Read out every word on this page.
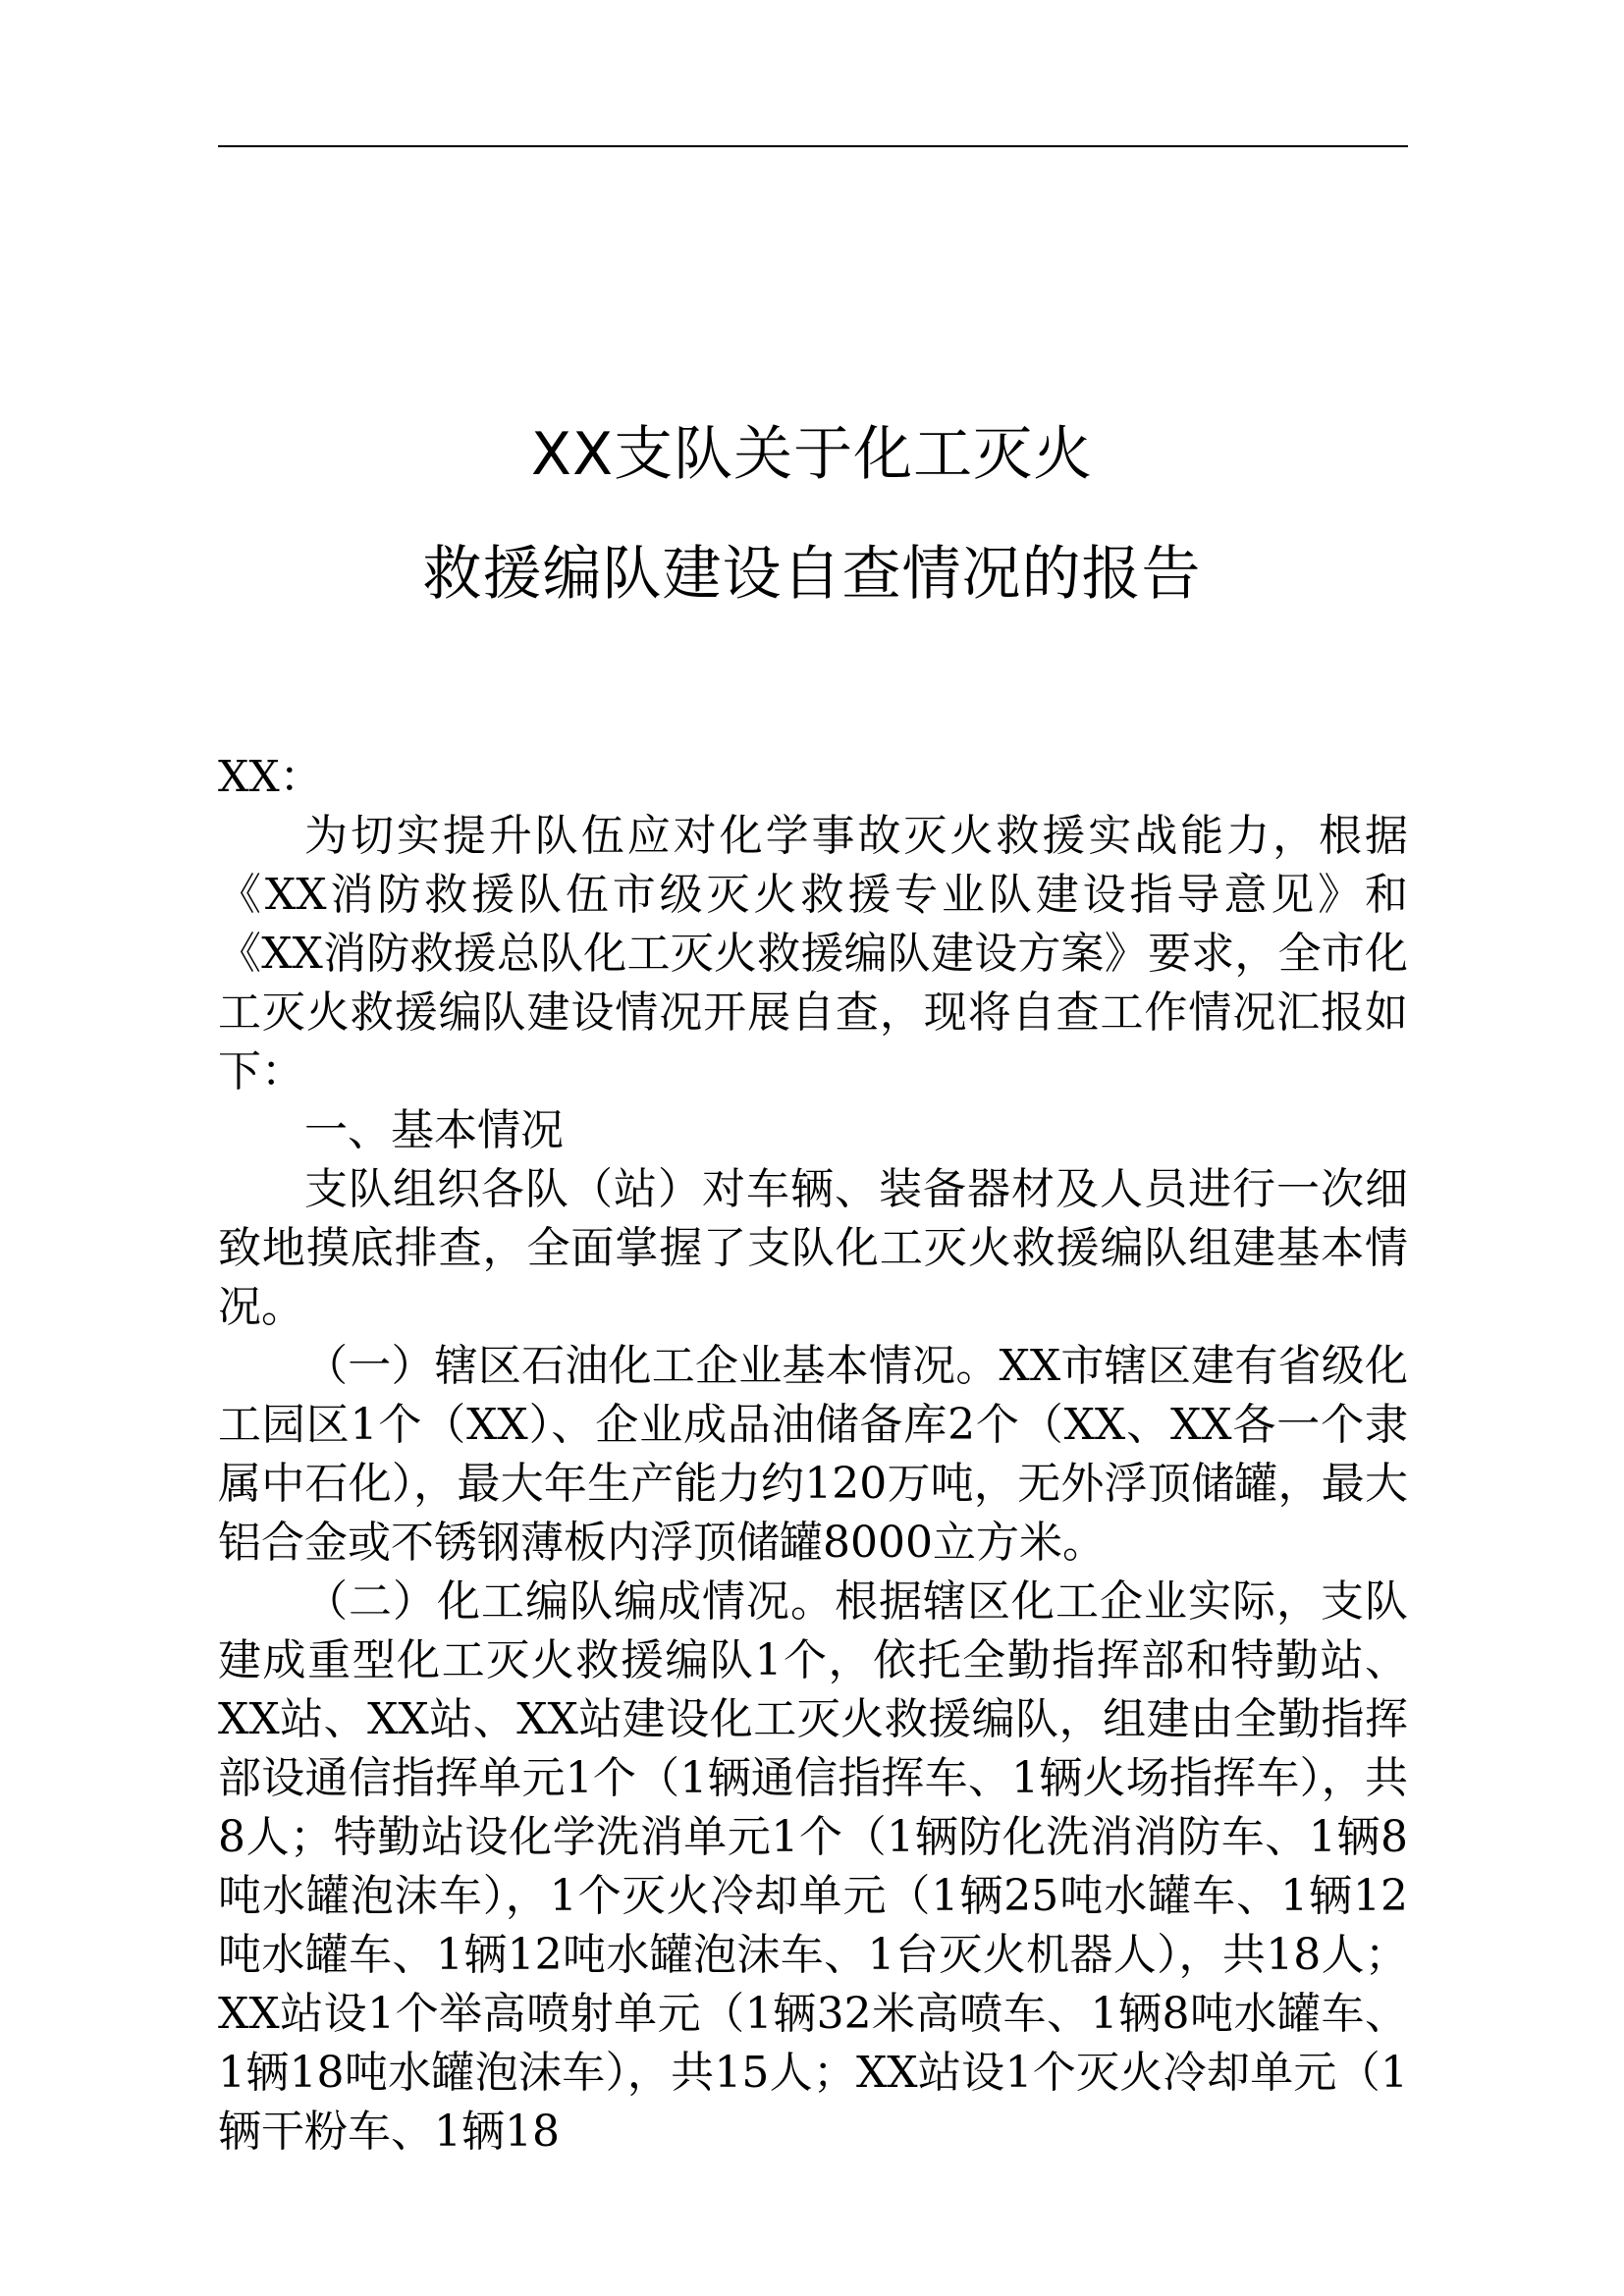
XX支队关于化工灭火
救援编队建设自查情况的报告

XX：

为切实提升队伍应对化学事故灭火救援实战能力，根据《XX消防救援队伍市级灭火救援专业队建设指导意见》和《XX消防救援总队化工灭火救援编队建设方案》要求，全市化工灭火救援编队建设情况开展自查，现将自查工作情况汇报如下：

一、基本情况

支队组织各队（站）对车辆、装备器材及人员进行一次细致地摸底排查，全面掌握了支队化工灭火救援编队组建基本情况。

（一）辖区石油化工企业基本情况。XX市辖区建有省级化工园区1个（XX）、企业成品油储备库2个（XX、XX各一个隶属中石化），最大年生产能力约120万吨，无外浮顶储罐，最大铝合金或不锈钢薄板内浮顶储罐8000立方米。

（二）化工编队编成情况。根据辖区化工企业实际，支队建成重型化工灭火救援编队1个，依托全勤指挥部和特勤站、XX站、XX站、XX站建设化工灭火救援编队，组建由全勤指挥部设通信指挥单元1个（1辆通信指挥车、1辆火场指挥车），共8人；特勤站设化学洗消单元1个（1辆防化洗消消防车、1辆8吨水罐泡沫车），1个灭火冷却单元（1辆25吨水罐车、1辆12吨水罐车、1辆12吨水罐泡沫车、1台灭火机器人），共18人；XX站设1个举高喷射单元（1辆32米高喷车、1辆8吨水罐车、1辆18吨水罐泡沫车），共15人；XX站设1个灭火冷却单元（1辆干粉车、1辆18
